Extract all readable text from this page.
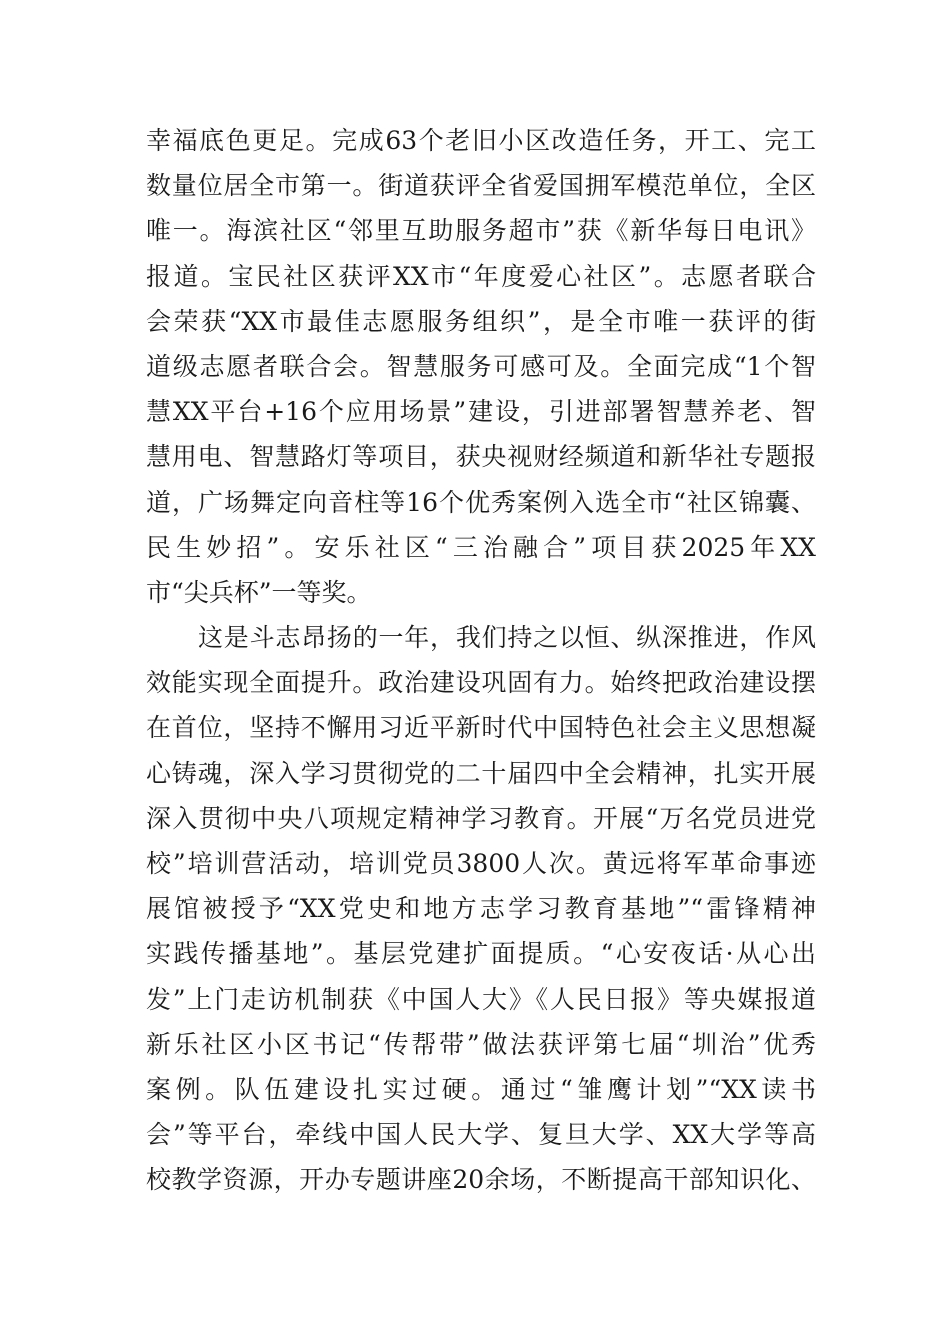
幸福底色更足。完成63个老旧小区改造任务，开工、完工
数量位居全市第一。街道获评全省爱国拥军模范单位，全区
唯一。海滨社区“邻里互助服务超市”获《新华每日电讯》
报道。宝民社区获评XX市“年度爱心社区”。志愿者联合
会荣获“XX市最佳志愿服务组织”，是全市唯一获评的街
道级志愿者联合会。智慧服务可感可及。全面完成“1个智
慧XX平台+16个应用场景”建设，引进部署智慧养老、智
慧用电、智慧路灯等项目，获央视财经频道和新华社专题报
道，广场舞定向音柱等16个优秀案例入选全市“社区锦囊、
民生妙招”。安乐社区“三治融合”项目获2025年XX
市“尖兵杯”一等奖。
这是斗志昂扬的一年，我们持之以恒、纵深推进，作风
效能实现全面提升。政治建设巩固有力。始终把政治建设摆
在首位，坚持不懈用习近平新时代中国特色社会主义思想凝
心铸魂，深入学习贯彻党的二十届四中全会精神，扎实开展
深入贯彻中央八项规定精神学习教育。开展“万名党员进党
校”培训营活动，培训党员3800人次。黄远将军革命事迹
展馆被授予“XX党史和地方志学习教育基地”“雷锋精神
实践传播基地”。基层党建扩面提质。“心安夜话·从心出
发”上门走访机制获《中国人大》《人民日报》等央媒报道
新乐社区小区书记“传帮带”做法获评第七届“圳治”优秀
案例。队伍建设扎实过硬。通过“雏鹰计划”“XX读书
会”等平台，牵线中国人民大学、复旦大学、XX大学等高
校教学资源，开办专题讲座20余场，不断提高干部知识化、
